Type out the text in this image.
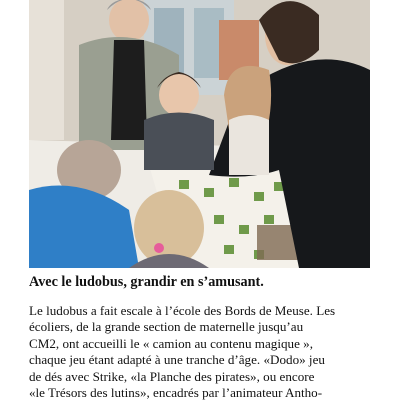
Avec le ludobus, grandir en s’amusant.
Le ludobus a fait escale à l’école des Bords de Meuse. Les
écoliers, de la grande section de maternelle jusqu’au
CM2, ont accueilli le « camion au contenu magique »,
chaque jeu étant adapté à une tranche d’âge. «Dodo» jeu
de dés avec Strike, «la Planche des pirates», ou encore
«le Trésors des lutins», encadrés par l’animateur Antho-
